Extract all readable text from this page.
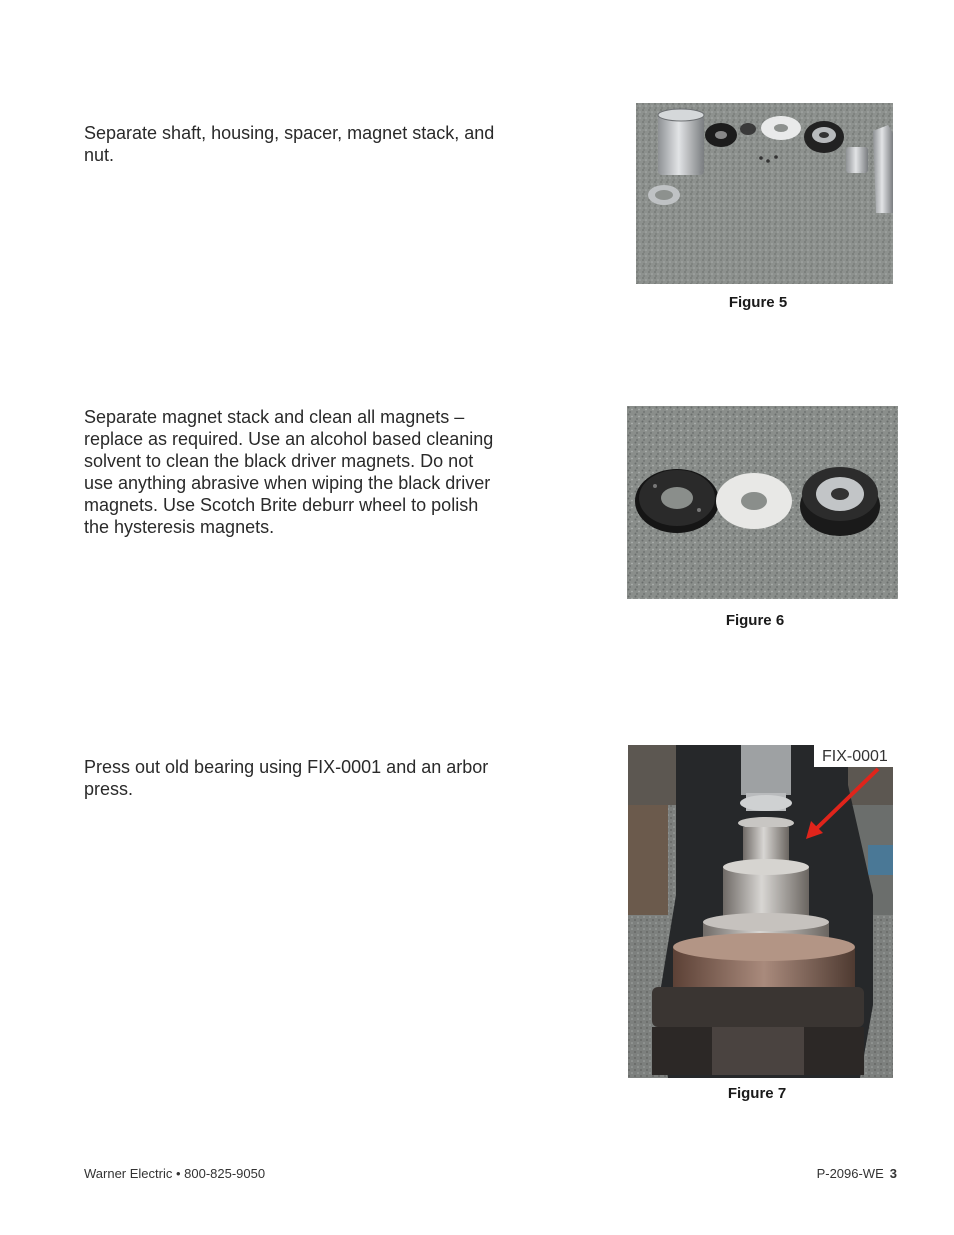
Separate shaft, housing, spacer, magnet stack, and nut.

Figure 5

Separate magnet stack and clean all magnets – replace as required. Use an alcohol based cleaning solvent to clean the black driver magnets. Do not use anything abrasive when wiping the black driver magnets. Use Scotch Brite deburr wheel to polish the hysteresis magnets.

Figure 6

Press out old bearing using FIX-0001 and an arbor press.

FIX-0001
Figure 7
Warner Electric • 800-825-9050	P-2096-WE 3
